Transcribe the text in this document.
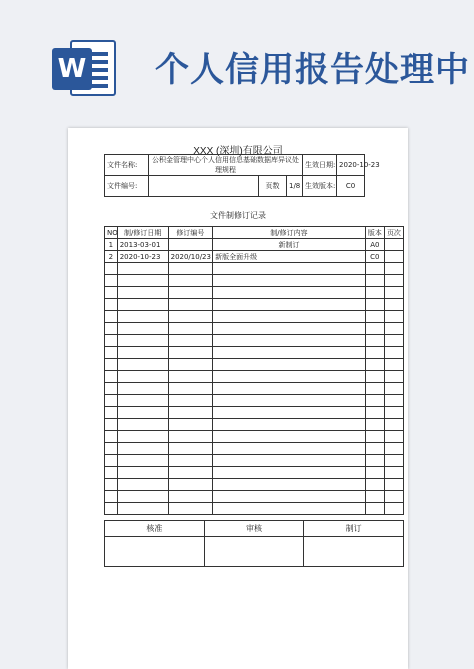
W 个人信用报告处理中
XXX (深圳)有限公司
文件名称:	公积金管理中心个人信用信息基础数据库异议处理规程			生效日期:	2020-10-23
文件编号:		页数	1/8	生效版本:	C0
文件制修订记录
NO	制/修订日期	修订编号	制/修订内容	版本	页次
1	2013-03-01		新制订	A0	
2	2020-10-23	2020/10/23	新版全面升级	C0	

核准	审核	制订
